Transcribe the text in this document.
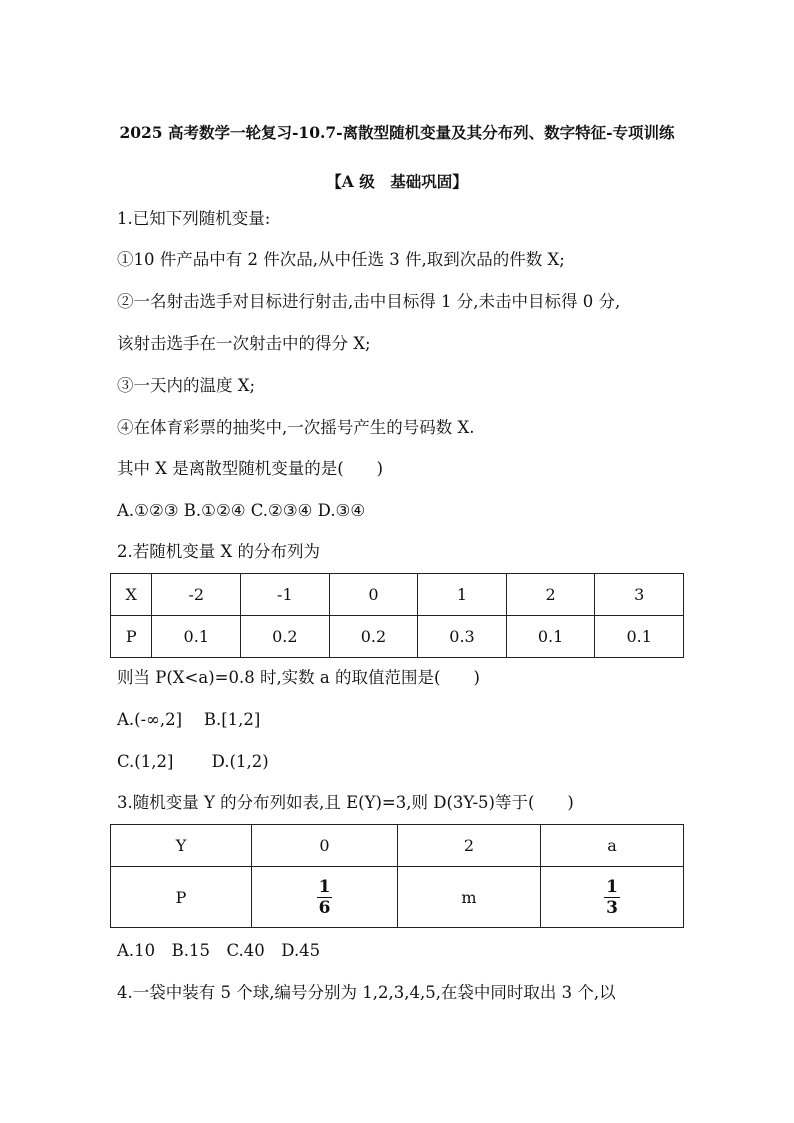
2025 高考数学一轮复习-10.7-离散型随机变量及其分布列、数字特征-专项训练
【A 级　基础巩固】
1.已知下列随机变量:
①10 件产品中有 2 件次品,从中任选 3 件,取到次品的件数 X;
②一名射击选手对目标进行射击,击中目标得 1 分,未击中目标得 0 分,
该射击选手在一次射击中的得分 X;
③一天内的温度 X;
④在体育彩票的抽奖中,一次摇号产生的号码数 X.
其中 X 是离散型随机变量的是(　　)
A.①②③ B.①②④ C.②③④ D.③④
2.若随机变量 X 的分布列为
X	-2	-1	0	1	2	3
P	0.1	0.2	0.2	0.3	0.1	0.1
则当 P(X<a)=0.8 时,实数 a 的取值范围是(　　)
A.(-∞,2]　 B.[1,2]
C.(1,2]　　 D.(1,2)
3.随机变量 Y 的分布列如表,且 E(Y)=3,则 D(3Y-5)等于(　　)
Y	0	2	a
P	$\frac{1}{6}$	m	$\frac{1}{3}$
A.10　B.15　C.40　D.45
4.一袋中装有 5 个球,编号分别为 1,2,3,4,5,在袋中同时取出 3 个,以
